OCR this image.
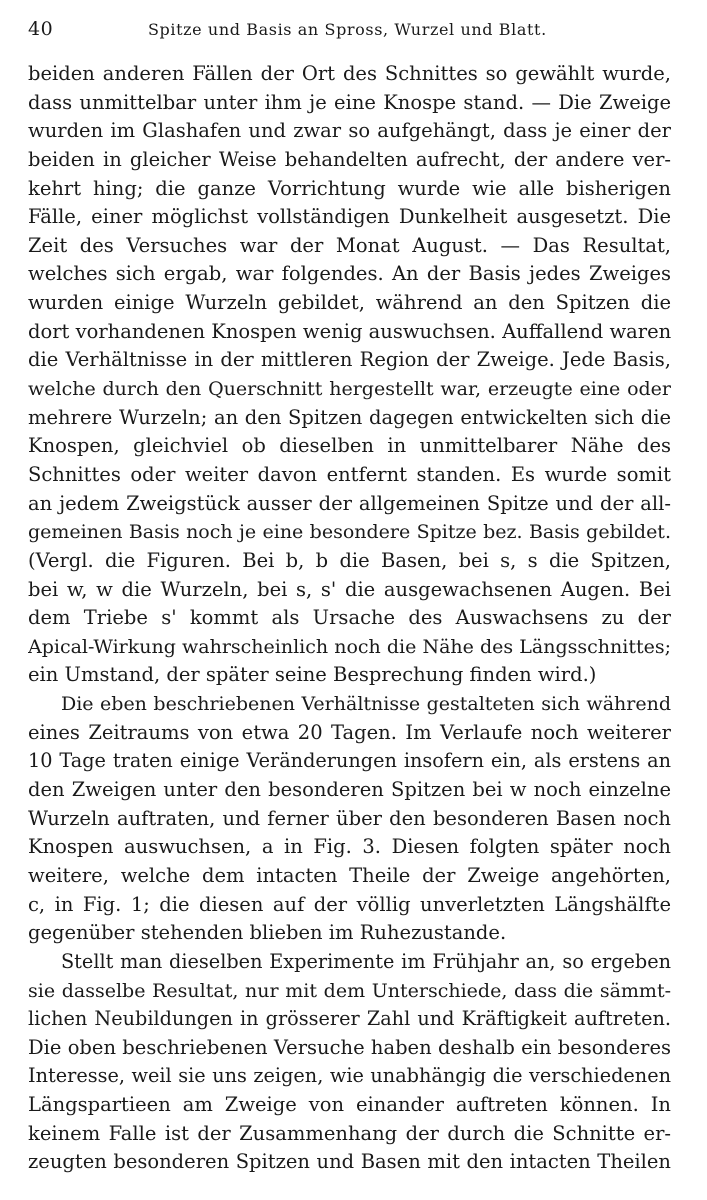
40	Spitze und Basis an Spross, Wurzel und Blatt.
beiden anderen Fällen der Ort des Schnittes so gewählt wurde,
dass unmittelbar unter ihm je eine Knospe stand. — Die Zweige
wurden im Glashafen und zwar so aufgehängt, dass je einer der
beiden in gleicher Weise behandelten aufrecht, der andere ver-
kehrt hing; die ganze Vorrichtung wurde wie alle bisherigen
Fälle, einer möglichst vollständigen Dunkelheit ausgesetzt. Die
Zeit des Versuches war der Monat August. — Das Resultat,
welches sich ergab, war folgendes. An der Basis jedes Zweiges
wurden einige Wurzeln gebildet, während an den Spitzen die
dort vorhandenen Knospen wenig auswuchsen. Auffallend waren
die Verhältnisse in der mittleren Region der Zweige. Jede Basis,
welche durch den Querschnitt hergestellt war, erzeugte eine oder
mehrere Wurzeln; an den Spitzen dagegen entwickelten sich die
Knospen, gleichviel ob dieselben in unmittelbarer Nähe des
Schnittes oder weiter davon entfernt standen. Es wurde somit
an jedem Zweigstück ausser der allgemeinen Spitze und der all-
gemeinen Basis noch je eine besondere Spitze bez. Basis gebildet.
(Vergl. die Figuren. Bei b, b die Basen, bei s, s die Spitzen,
bei w, w die Wurzeln, bei s, s' die ausgewachsenen Augen. Bei
dem Triebe s' kommt als Ursache des Auswachsens zu der
Apical-Wirkung wahrscheinlich noch die Nähe des Längsschnittes;
ein Umstand, der später seine Besprechung finden wird.)
Die eben beschriebenen Verhältnisse gestalteten sich während
eines Zeitraums von etwa 20 Tagen. Im Verlaufe noch weiterer
10 Tage traten einige Veränderungen insofern ein, als erstens an
den Zweigen unter den besonderen Spitzen bei w noch einzelne
Wurzeln auftraten, und ferner über den besonderen Basen noch
Knospen auswuchsen, a in Fig. 3. Diesen folgten später noch
weitere, welche dem intacten Theile der Zweige angehörten,
c, in Fig. 1; die diesen auf der völlig unverletzten Längshälfte
gegenüber stehenden blieben im Ruhezustande.
Stellt man dieselben Experimente im Frühjahr an, so ergeben
sie dasselbe Resultat, nur mit dem Unterschiede, dass die sämmt-
lichen Neubildungen in grösserer Zahl und Kräftigkeit auftreten.
Die oben beschriebenen Versuche haben deshalb ein besonderes
Interesse, weil sie uns zeigen, wie unabhängig die verschiedenen
Längspartieen am Zweige von einander auftreten können. In
keinem Falle ist der Zusammenhang der durch die Schnitte er-
zeugten besonderen Spitzen und Basen mit den intacten Theilen
